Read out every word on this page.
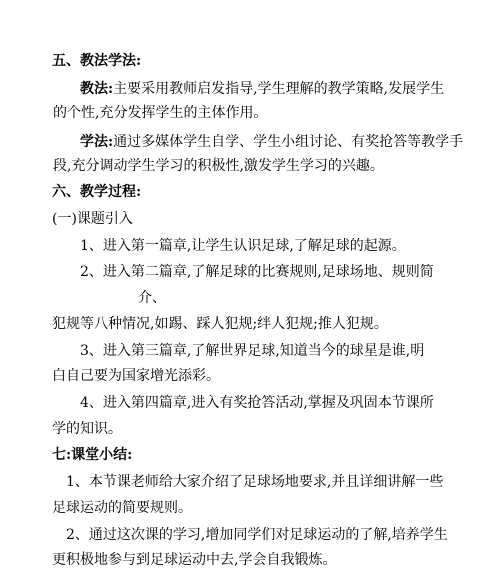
五、教法学法:
教法:主要采用教师启发指导,学生理解的教学策略,发展学生
的个性,充分发挥学生的主体作用。
学法:通过多媒体学生自学、学生小组讨论、有奖抢答等教学手
段,充分调动学生学习的积极性,激发学生学习的兴趣。
六、教学过程:
(一)课题引入
1、进入第一篇章,让学生认识足球,了解足球的起源。
2、进入第二篇章,了解足球的比赛规则,足球场地、规则简
介、
犯规等八种情况,如踢、踩人犯规;绊人犯规;推人犯规。
3、进入第三篇章,了解世界足球,知道当今的球星是谁,明
白自己要为国家增光添彩。
4、进入第四篇章,进入有奖抢答活动,掌握及巩固本节课所
学的知识。
七:课堂小结:
1、本节课老师给大家介绍了足球场地要求,并且详细讲解一些
足球运动的简要规则。
2、通过这次课的学习,增加同学们对足球运动的了解,培养学生
更积极地参与到足球运动中去,学会自我锻炼。
